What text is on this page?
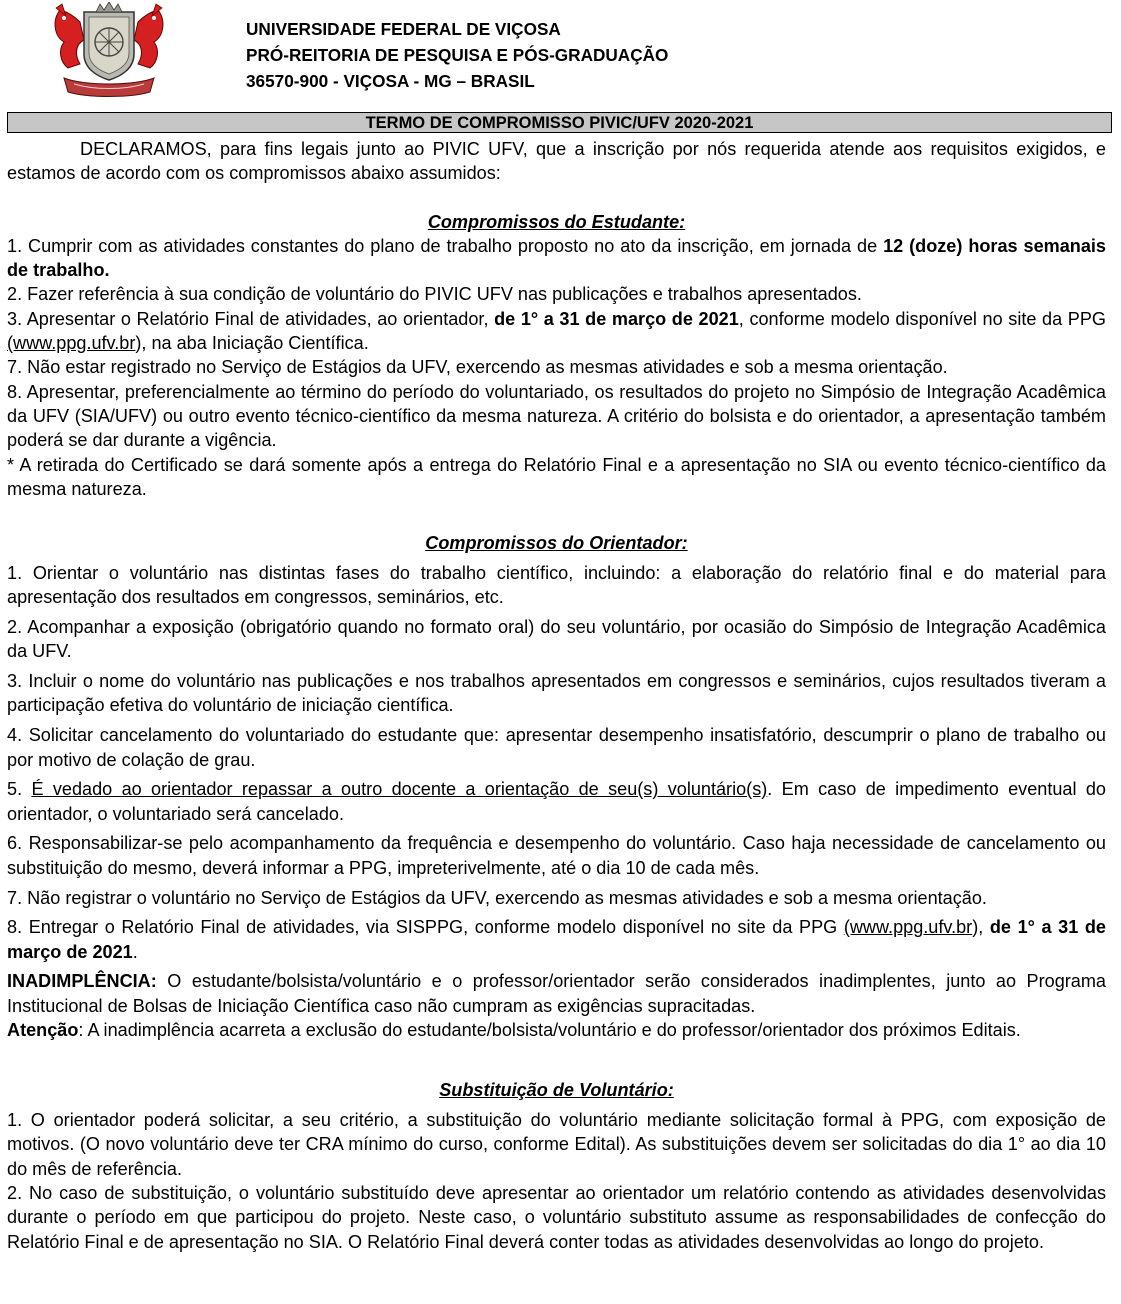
UNIVERSIDADE FEDERAL DE VIÇOSA
PRÓ-REITORIA DE PESQUISA E PÓS-GRADUAÇÃO
36570-900 - VIÇOSA - MG – BRASIL
TERMO DE COMPROMISSO PIVIC/UFV 2020-2021

DECLARAMOS, para fins legais junto ao PIVIC UFV, que a inscrição por nós requerida atende aos requisitos exigidos, e estamos de acordo com os compromissos abaixo assumidos:

Compromissos do Estudante:

1. Cumprir com as atividades constantes do plano de trabalho proposto no ato da inscrição, em jornada de 12 (doze) horas semanais de trabalho.

2. Fazer referência à sua condição de voluntário do PIVIC UFV nas publicações e trabalhos apresentados.

3. Apresentar o Relatório Final de atividades, ao orientador, de 1° a 31 de março de 2021, conforme modelo disponível no site da PPG (www.ppg.ufv.br), na aba Iniciação Científica.

7. Não estar registrado no Serviço de Estágios da UFV, exercendo as mesmas atividades e sob a mesma orientação.

8. Apresentar, preferencialmente ao término do período do voluntariado, os resultados do projeto no Simpósio de Integração Acadêmica da UFV (SIA/UFV) ou outro evento técnico-científico da mesma natureza. A critério do bolsista e do orientador, a apresentação também poderá se dar durante a vigência.

* A retirada do Certificado se dará somente após a entrega do Relatório Final e a apresentação no SIA ou evento técnico-científico da mesma natureza.

Compromissos do Orientador:

1. Orientar o voluntário nas distintas fases do trabalho científico, incluindo: a elaboração do relatório final e do material para apresentação dos resultados em congressos, seminários, etc.

2. Acompanhar a exposição (obrigatório quando no formato oral) do seu voluntário, por ocasião do Simpósio de Integração Acadêmica da UFV.

3. Incluir o nome do voluntário nas publicações e nos trabalhos apresentados em congressos e seminários, cujos resultados tiveram a participação efetiva do voluntário de iniciação científica.

4. Solicitar cancelamento do voluntariado do estudante que: apresentar desempenho insatisfatório, descumprir o plano de trabalho ou por motivo de colação de grau.

5. É vedado ao orientador repassar a outro docente a orientação de seu(s) voluntário(s). Em caso de impedimento eventual do orientador, o voluntariado será cancelado.

6. Responsabilizar-se pelo acompanhamento da frequência e desempenho do voluntário. Caso haja necessidade de cancelamento ou substituição do mesmo, deverá informar a PPG, impreterivelmente, até o dia 10 de cada mês.

7. Não registrar o voluntário no Serviço de Estágios da UFV, exercendo as mesmas atividades e sob a mesma orientação.

8. Entregar o Relatório Final de atividades, via SISPPG, conforme modelo disponível no site da PPG (www.ppg.ufv.br), de 1° a 31 de março de 2021.

INADIMPLÊNCIA: O estudante/bolsista/voluntário e o professor/orientador serão considerados inadimplentes, junto ao Programa Institucional de Bolsas de Iniciação Científica caso não cumpram as exigências supracitadas.

Atenção: A inadimplência acarreta a exclusão do estudante/bolsista/voluntário e do professor/orientador dos próximos Editais.

Substituição de Voluntário:

1. O orientador poderá solicitar, a seu critério, a substituição do voluntário mediante solicitação formal à PPG, com exposição de motivos. (O novo voluntário deve ter CRA mínimo do curso, conforme Edital). As substituições devem ser solicitadas do dia 1° ao dia 10 do mês de referência.

2. No caso de substituição, o voluntário substituído deve apresentar ao orientador um relatório contendo as atividades desenvolvidas durante o período em que participou do projeto. Neste caso, o voluntário substituto assume as responsabilidades de confecção do Relatório Final e de apresentação no SIA. O Relatório Final deverá conter todas as atividades desenvolvidas ao longo do projeto.
